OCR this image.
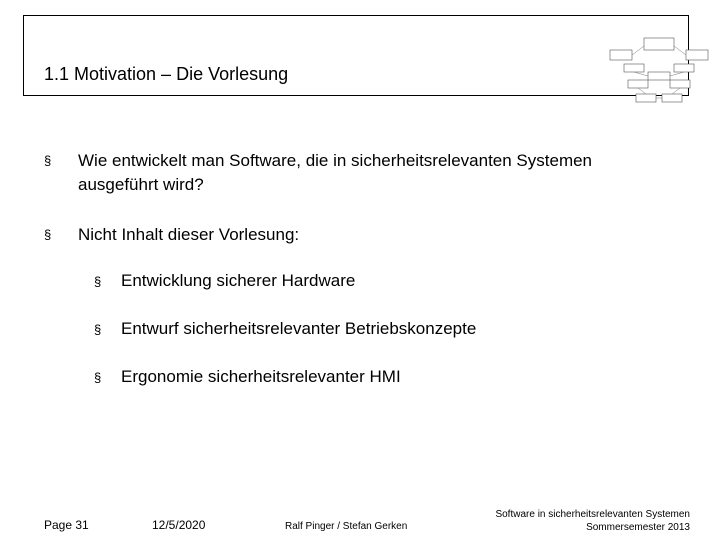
1.1 Motivation – Die Vorlesung
§ Wie entwickelt man Software, die in sicherheitsrelevanten Systemen
ausgeführt wird?
§ Nicht Inhalt dieser Vorlesung:
§ Entwicklung sicherer Hardware
§ Entwurf sicherheitsrelevanter Betriebskonzepte
§ Ergonomie sicherheitsrelevanter HMI
Page 31	12/5/2020	Ralf Pinger / Stefan Gerken
Software in sicherheitsrelevanten Systemen
Sommersemester 2013
